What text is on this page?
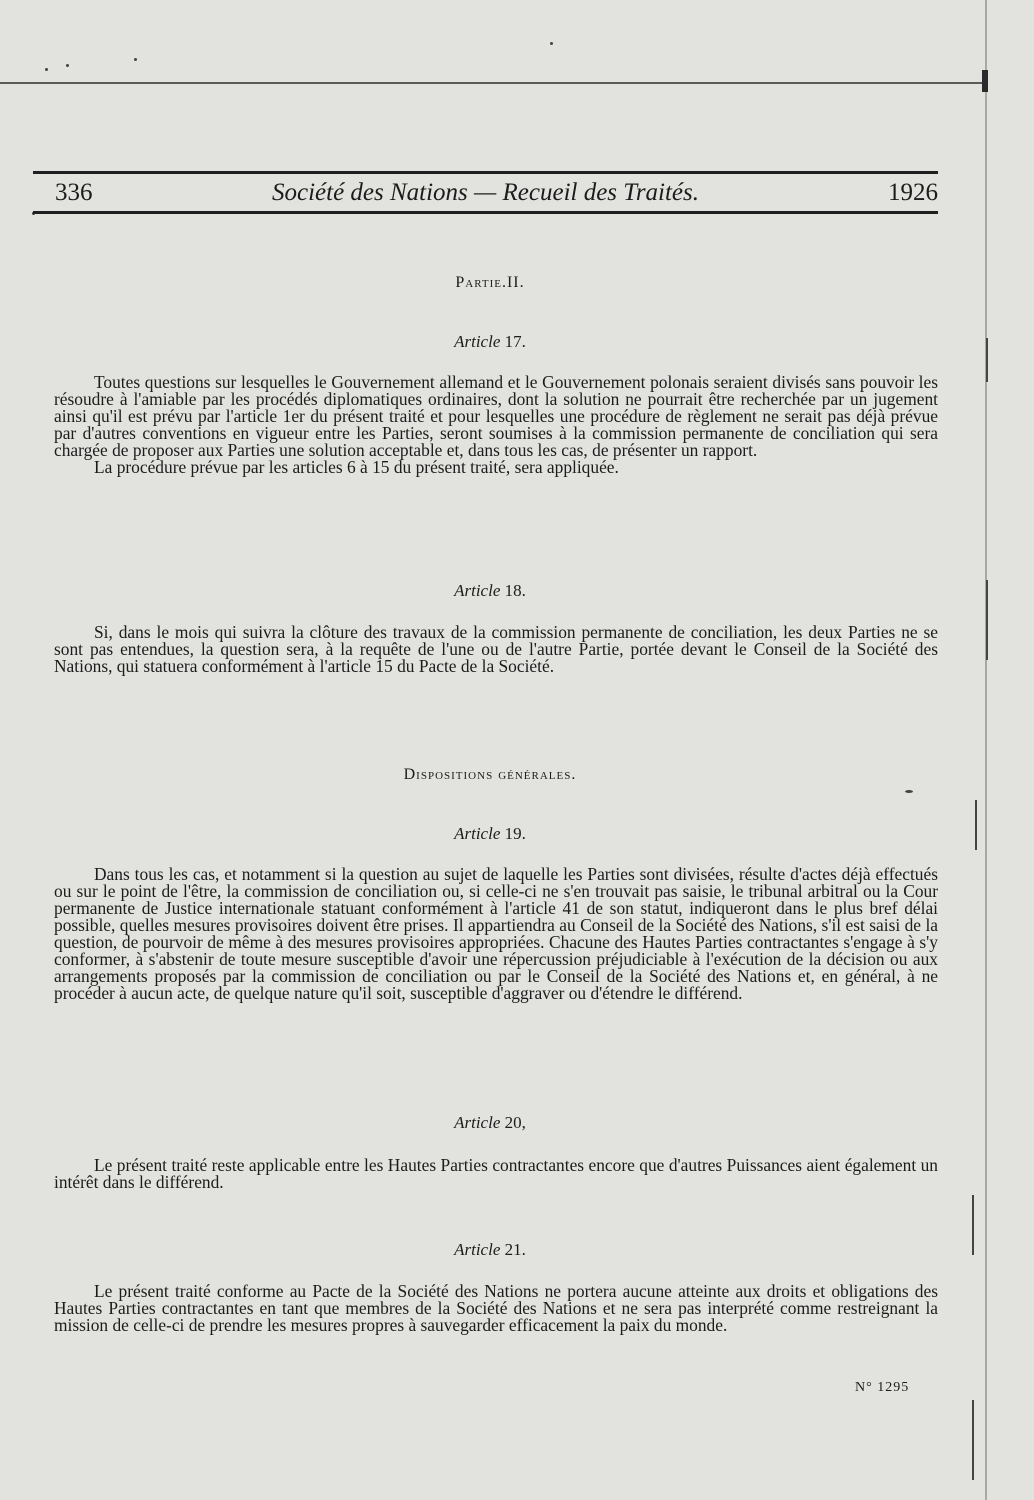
336	Société des Nations — Recueil des Traités.	1926
Partie.II.
Article 17.

Toutes questions sur lesquelles le Gouvernement allemand et le Gouvernement polonais seraient divisés sans pouvoir les résoudre à l'amiable par les procédés diplomatiques ordinaires, dont la solution ne pourrait être recherchée par un jugement ainsi qu'il est prévu par l'article 1er du présent traité et pour lesquelles une procédure de règlement ne serait pas déjà prévue par d'autres conventions en vigueur entre les Parties, seront soumises à la commission permanente de conciliation qui sera chargée de proposer aux Parties une solution acceptable et, dans tous les cas, de présenter un rapport.

La procédure prévue par les articles 6 à 15 du présent traité, sera appliquée.

Article 18.

Si, dans le mois qui suivra la clôture des travaux de la commission permanente de conciliation, les deux Parties ne se sont pas entendues, la question sera, à la requête de l'une ou de l'autre Partie, portée devant le Conseil de la Société des Nations, qui statuera conformément à l'article 15 du Pacte de la Société.

Dispositions générales.
Article 19.

Dans tous les cas, et notamment si la question au sujet de laquelle les Parties sont divisées, résulte d'actes déjà effectués ou sur le point de l'être, la commission de conciliation ou, si celle-ci ne s'en trouvait pas saisie, le tribunal arbitral ou la Cour permanente de Justice internationale statuant conformément à l'article 41 de son statut, indiqueront dans le plus bref délai possible, quelles mesures provisoires doivent être prises. Il appartiendra au Conseil de la Société des Nations, s'il est saisi de la question, de pourvoir de même à des mesures provisoires appropriées. Chacune des Hautes Parties contractantes s'engage à s'y conformer, à s'abstenir de toute mesure susceptible d'avoir une répercussion préjudiciable à l'exécution de la décision ou aux arrangements proposés par la commission de conciliation ou par le Conseil de la Société des Nations et, en général, à ne procéder à aucun acte, de quelque nature qu'il soit, susceptible d'aggraver ou d'étendre le différend.

Article 20,

Le présent traité reste applicable entre les Hautes Parties contractantes encore que d'autres Puissances aient également un intérêt dans le différend.

Article 21.

Le présent traité conforme au Pacte de la Société des Nations ne portera aucune atteinte aux droits et obligations des Hautes Parties contractantes en tant que membres de la Société des Nations et ne sera pas interprété comme restreignant la mission de celle-ci de prendre les mesures propres à sauvegarder efficacement la paix du monde.

N° 1295
